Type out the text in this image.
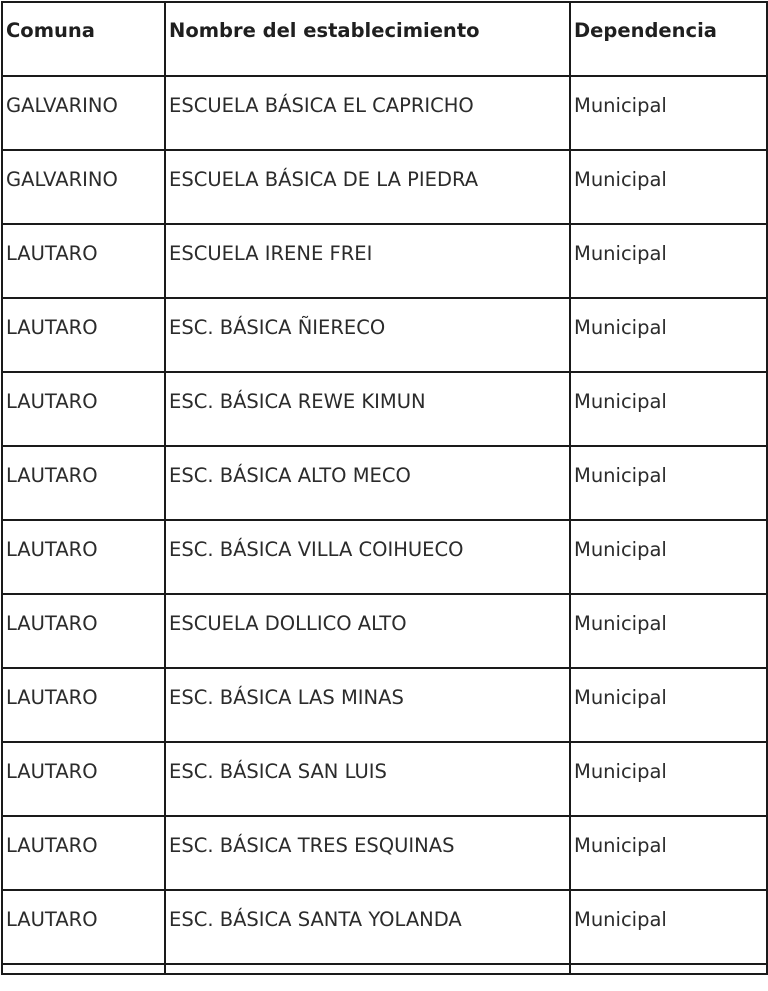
Comuna	Nombre del establecimiento	Dependencia
GALVARINO	ESCUELA BÁSICA EL CAPRICHO	Municipal
GALVARINO	ESCUELA BÁSICA DE LA PIEDRA	Municipal
LAUTARO	ESCUELA IRENE FREI	Municipal
LAUTARO	ESC. BÁSICA ÑIERECO	Municipal
LAUTARO	ESC. BÁSICA REWE KIMUN	Municipal
LAUTARO	ESC. BÁSICA ALTO MECO	Municipal
LAUTARO	ESC. BÁSICA VILLA COIHUECO	Municipal
LAUTARO	ESCUELA DOLLICO ALTO	Municipal
LAUTARO	ESC. BÁSICA LAS MINAS	Municipal
LAUTARO	ESC. BÁSICA SAN LUIS	Municipal
LAUTARO	ESC. BÁSICA TRES ESQUINAS	Municipal
LAUTARO	ESC. BÁSICA SANTA YOLANDA	Municipal
